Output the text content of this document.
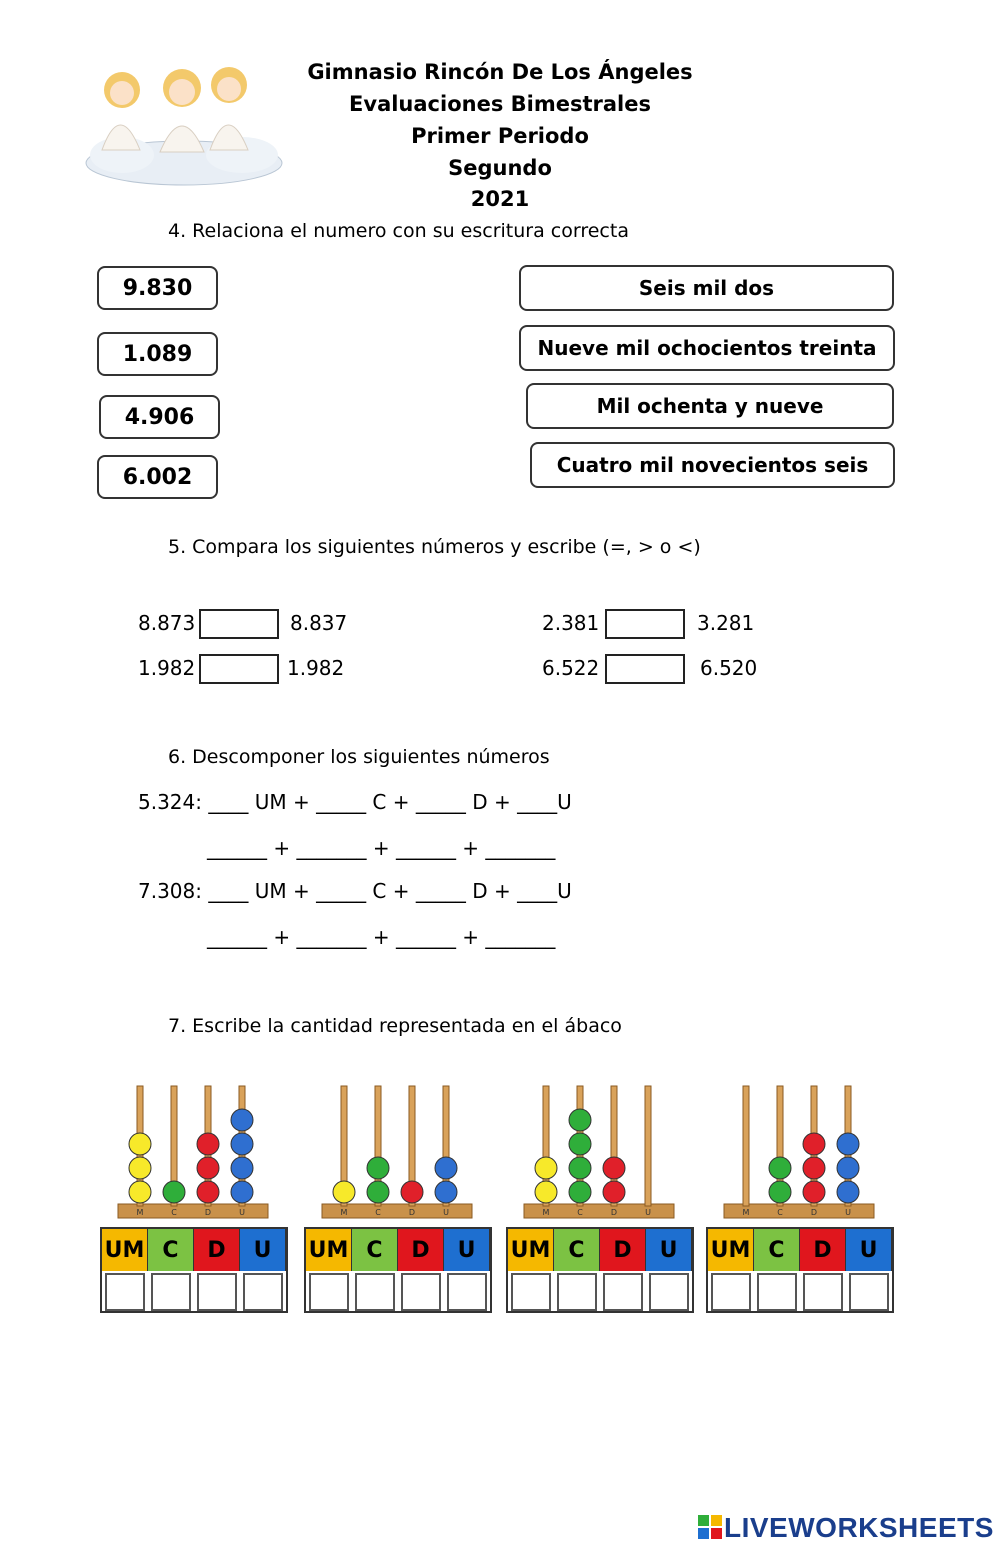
Gimnasio Rincón De Los Ángeles
Evaluaciones Bimestrales
Primer Periodo
Segundo
2021
4. Relaciona el numero con su escritura correcta
9.830
1.089
4.906
6.002
Seis mil dos
Nueve mil ochocientos treinta
Mil ochenta y nueve
Cuatro mil novecientos seis
5. Compara los siguientes números y escribe (=, > o <)
8.873	8.837	2.381	3.281
1.982	1.982	6.522	6.520
6. Descomponer los siguientes números
5.324: ____ UM + _____ C + _____ D + ____U
______ + _______ + ______ + _______
7.308: ____ UM + _____ C + _____ D + ____U
______ + _______ + ______ + _______
7. Escribe la cantidad representada en el ábaco
M	C	D	U
UM C	D	U
M	C	D	U
UM C	D	U
M	C	D	U
UM C	D	U
M	C	D	U
UM C	D	U
LIVEWORKSHEETS
